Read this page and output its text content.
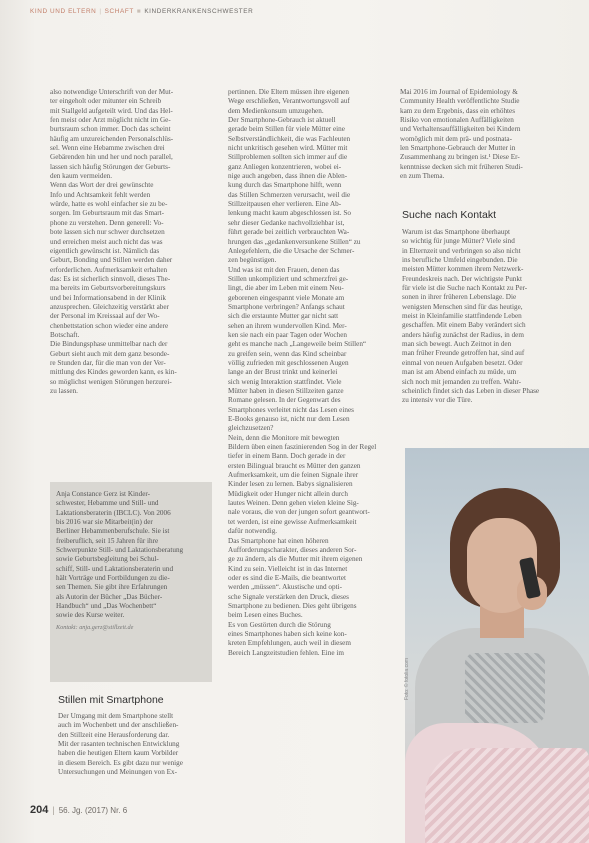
KIND UND ELTERN | SCHAFT ■ KINDERKRANKENSCHWESTER
also notwendige Unterschrift von der Mut-
ter eingeholt oder mitunter ein Schreib
mit Stallgeld aufgeteilt wird. Und das Hel-
fen meist oder Arzt möglicht nicht im Ge-
burtsraum schon immer. Doch das scheint
häufig am unzureichenden Personalschlüs-
sel. Wenn eine Hebamme zwischen drei
Gebärenden hin und her und noch parallel,
lassen sich häufig Störungen der Geburts-
den kaum vermeiden.
Wenn das Wort der drei gewünschte
Info und Achtsamkeit fehlt werden
würde, hatte es wohl einfacher sie zu be-
sorgen. Im Geburtsraum mit das Smart-
phone zu verstehen. Denn generell: Vo-
bote lassen sich nur schwer durchsetzen
und erreichen meist auch nicht das was
eigentlich gewünscht ist. Nämlich das
Geburt, Bonding und Stillen werden daher
erforderlichen. Aufmerksamkeit erhalten
das: Es ist sicherlich sinnvoll, dieses The-
ma bereits im Geburtsvorbereitungskurs
und bei Informationsabend in der Klinik
anzusprechen. Gleichzeitig verstärkt aber
der Personal im Kreissaal auf der Wo-
chenbettstation schon wieder eine andere
Botschaft.
Die Bindungsphase unmittelbar nach der
Geburt sieht auch mit dem ganz besonde-
re Stunden dar, für die man von der Ver-
mittlung des Kindes geworden kann, es kin-
so möglichst wenigen Störungen herzurei-
zu lassen.
Anja Constance Gerz ist Kinder-
schwester, Hebamme und Still- und
Laktationsberaterin (IBCLC). Von 2006
bis 2016 war sie Mitarbeit(in) der
Berliner Hebammenberufschule. Sie ist
freiberuflich, seit 15 Jahren für ihre
Schwerpunkte Still- und Laktationsberatung
sowie Geburtsbegleitung bei Schul-
schiff, Still- und Laktationsberaterin und
hält Vorträge und Fortbildungen zu die-
sen Themen. Sie gibt ihre Erfahrungen
als Autorin der Bücher „Das Bücher-
Handbuch“ und „Das Wochenbett“
sowie des Kurse weiter.
Kontakt: anja.gerz@stillzeit.de
Stillen mit Smartphone
Der Umgang mit dem Smartphone stellt
auch im Wochenbett und der anschließen-
den Stillzeit eine Herausforderung dar.
Mit der rasanten technischen Entwicklung
haben die heutigen Eltern kaum Vorbilder
in diesem Bereich. Es gibt dazu nur wenige
Untersuchungen und Meinungen von Ex-
pertinnen. Die Eltern müssen ihre eigenen
Wege erschließen, Verantwortungsvoll auf
dem Medienkonsum umzugehen.
Der Smartphone-Gebrauch ist aktuell
gerade beim Stillen für viele Mütter eine
Selbstverständlichkeit, die was Fachleuten
nicht unkritisch gesehen wird. Mütter mit
Stillproblemen sollten sich immer auf die
ganz Anliegen konzentrieren, wobei ei-
nige auch angeben, dass ihnen die Ablen-
kung durch das Smartphone hilft, wenn
das Stillen Schmerzen verursacht, weil die
Stillzeitpausen eher verlieren. Eine Ab-
lenkung macht kaum abgeschlossen ist. So
sehr dieser Gedanke nachvollziehbar ist,
führt gerade bei zeitlich verbrauchten Wa-
hrungen das „gedankenversunkene Stillen“ zu
Anlegefehlern, die die Ursache der Schmer-
zen begünstigen.
Und was ist mit den Frauen, denen das
Stillen unkompliziert und schmerzfrei ge-
lingt, die aber im Leben mit einem Neu-
geborenen eingespannt viele Monate am
Smartphone verbringen? Anfangs schaut
sich die erstaunte Mutter gar nicht satt
sehen an ihrem wundervollen Kind. Mer-
ken sie nach ein paar Tagen oder Wochen
geht es manche nach „Langeweile beim Stillen“
zu greifen sein, wenn das Kind scheinbar
völlig zufrieden mit geschlossenen Augen
lange an der Brust trinkt und keinerlei
sich wenig Interaktion stattfindet. Viele
Mütter haben in diesen Stillzeiten ganze
Romane gelesen. In der Gegenwart des
Smartphones verleitet nicht das Lesen eines
E-Books genauso ist, nicht nur dem Lesen
gleichzusetzen?
Nein, denn die Monitore mit bewegten
Bildern üben einen faszinierenden Sog in der Regel
tiefer in einem Bann. Doch gerade in der
ersten Bilingual braucht es Mütter den ganzen
Aufmerksamkeit, um die feinen Signale ihrer
Kinder lesen zu lernen. Babys signalisieren
Müdigkeit oder Hunger nicht allein durch
lautes Weinen. Denn gehen vielen kleine Sig-
nale voraus, die von der jungen sofort geantwort-
tet werden, ist eine gewisse Aufmerksamkeit
dafür notwendig.
Das Smartphone hat einen höheren
Aufforderungscharakter, dieses anderen Sor-
ge zu ändern, als die Mutter mit ihrem eigenen
Kind zu sein. Vielleicht ist in das Internet
oder es sind die E-Mails, die beantwortet
werden „müssen“. Akustische und opti-
sche Signale verstärken den Druck, dieses
Smartphone zu bedienen. Dies geht übrigens
beim Lesen eines Buches.
Es von Gestörten durch die Störung
eines Smartphones haben sich keine kon-
kreten Empfehlungen, auch weil in diesem
Bereich Langzeitstudien fehlen. Eine im
Mai 2016 im Journal of Epidemiology &
Community Health veröffentlichte Studie
kam zu dem Ergebnis, dass ein erhöhtes
Risiko von emotionalen Auffälligkeiten
und Verhaltensauffälligkeiten bei Kindern
womöglich mit dem prä- und postnata-
len Smartphone-Gebrauch der Mutter in
Zusammenhang zu bringen ist.¹ Diese Er-
kenntnisse decken sich mit früheren Studi-
en zum Thema.
Suche nach Kontakt
Warum ist das Smartphone überhaupt
so wichtig für junge Mütter? Viele sind
in Elternzeit und verbringen so also nicht
ins berufliche Umfeld eingebunden. Die
meisten Mütter kommen ihrem Netzwerk-
Freundeskreis nach. Der wichtigste Punkt
für viele ist die Suche nach Kontakt zu Per-
sonen in ihrer früheren Lebenslage. Die
wenigsten Menschen sind für das heutige,
meist in Kleinfamilie stattfindende Leben
geschaffen. Mit einem Baby verändert sich
anders häufig zunächst der Radius, in dem
man sich bewegt. Auch Zeitnot in den
man früher Freunde getroffen hat, sind auf
einmal von neuen Aufgaben besetzt. Oder
man ist am Abend einfach zu müde, um
sich noch mit jemanden zu treffen. Wahr-
scheinlich findet sich das Leben in dieser Phase
zu intensiv vor die Türe.
Foto: © fotolia.com
204 | 56. Jg. (2017) Nr. 6
